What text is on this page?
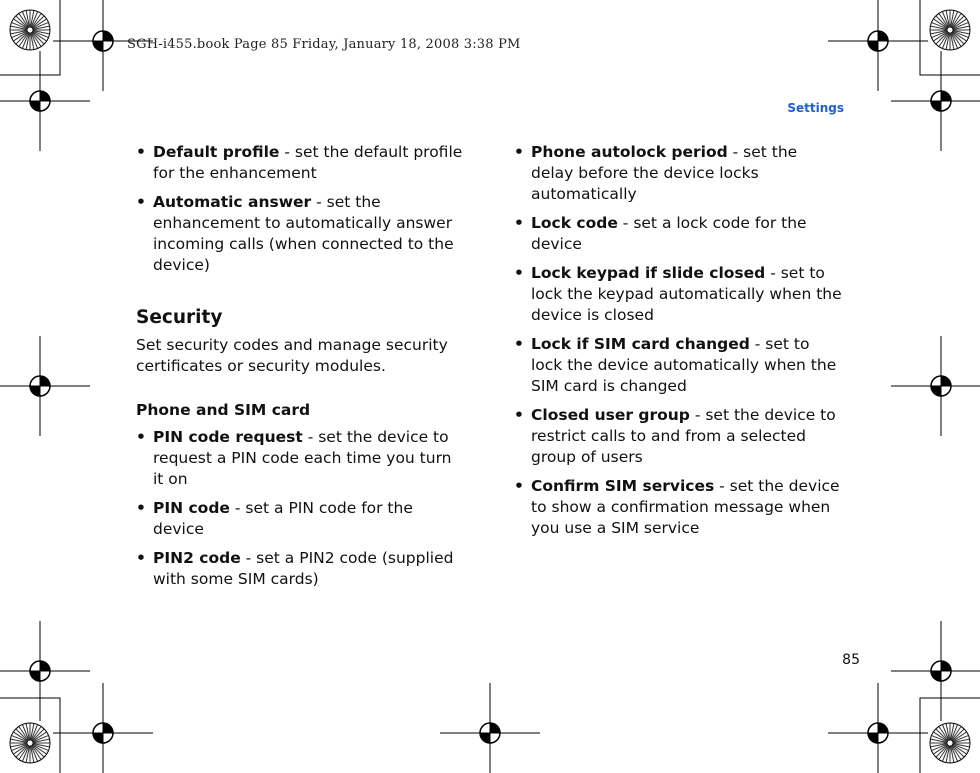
SGH-i455.book Page 85 Friday, January 18, 2008 3:38 PM
Settings
• Default profile - set the default profile for the enhancement
• Automatic answer - set the enhancement to automatically answer incoming calls (when connected to the device)
Security
Set security codes and manage security certificates or security modules.
Phone and SIM card
• PIN code request - set the device to request a PIN code each time you turn it on
• PIN code - set a PIN code for the device
• PIN2 code - set a PIN2 code (supplied with some SIM cards)
• Phone autolock period - set the delay before the device locks automatically
• Lock code - set a lock code for the device
• Lock keypad if slide closed - set to lock the keypad automatically when the device is closed
• Lock if SIM card changed - set to lock the device automatically when the SIM card is changed
• Closed user group - set the device to restrict calls to and from a selected group of users
• Confirm SIM services - set the device to show a confirmation message when you use a SIM service
85
